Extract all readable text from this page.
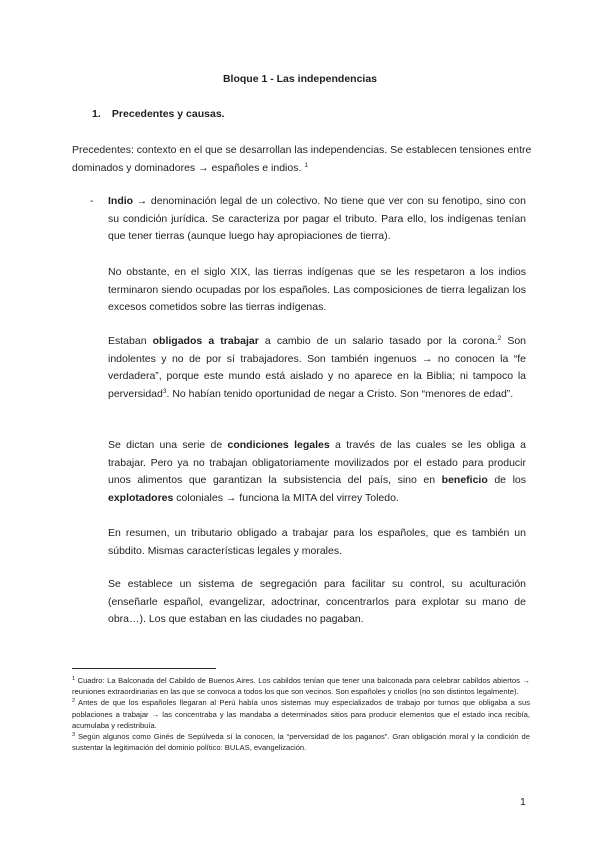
Bloque 1 - Las independencias
1. Precedentes y causas.
Precedentes: contexto en el que se desarrollan las independencias. Se establecen tensiones entre dominados y dominadores → españoles e indios. $^1$
- Indio → denominación legal de un colectivo. No tiene que ver con su fenotipo, sino con su condición jurídica. Se caracteriza por pagar el tributo. Para ello, los indígenas tenían que tener tierras (aunque luego hay apropiaciones de tierra).
No obstante, en el siglo XIX, las tierras indígenas que se les respetaron a los indios terminaron siendo ocupadas por los españoles. Las composiciones de tierra legalizan los excesos cometidos sobre las tierras indígenas.
Estaban obligados a trabajar a cambio de un salario tasado por la corona.$^2$ Son indolentes y no de por sí trabajadores. Son también ingenuos → no conocen la “fe verdadera”, porque este mundo está aislado y no aparece en la Biblia; ni tampoco la perversidad$^3$. No habían tenido oportunidad de negar a Cristo. Son “menores de edad”.
Se dictan una serie de condiciones legales a través de las cuales se les obliga a trabajar. Pero ya no trabajan obligatoriamente movilizados por el estado para producir unos alimentos que garantizan la subsistencia del país, sino en beneficio de los explotadores coloniales → funciona la MITA del virrey Toledo.
En resumen, un tributario obligado a trabajar para los españoles, que es también un súbdito. Mismas características legales y morales.
Se establece un sistema de segregación para facilitar su control, su aculturación (enseñarle español, evangelizar, adoctrinar, concentrarlos para explotar su mano de obra…). Los que estaban en las ciudades no pagaban.

$^1$ Cuadro: La Balconada del Cabildo de Buenos Aires. Los cabildos tenían que tener una balconada para celebrar cabildos abiertos → reuniones extraordinarias en las que se convoca a todos los que son vecinos. Son españoles y criollos (no son distintos legalmente).

$^2$ Antes de que los españoles llegaran al Perú había unos sistemas muy especializados de trabajo por turnos que obligaba a sus poblaciones a trabajar → las concentraba y las mandaba a determinados sitios para producir elementos que el estado inca recibía, acumulaba y redistribuía.

$^3$ Según algunos como Ginés de Sepúlveda sí la conocen, la “perversidad de los paganos”. Gran obligación moral y la condición de sustentar la legitimación del dominio político: BULAS, evangelización.

1
